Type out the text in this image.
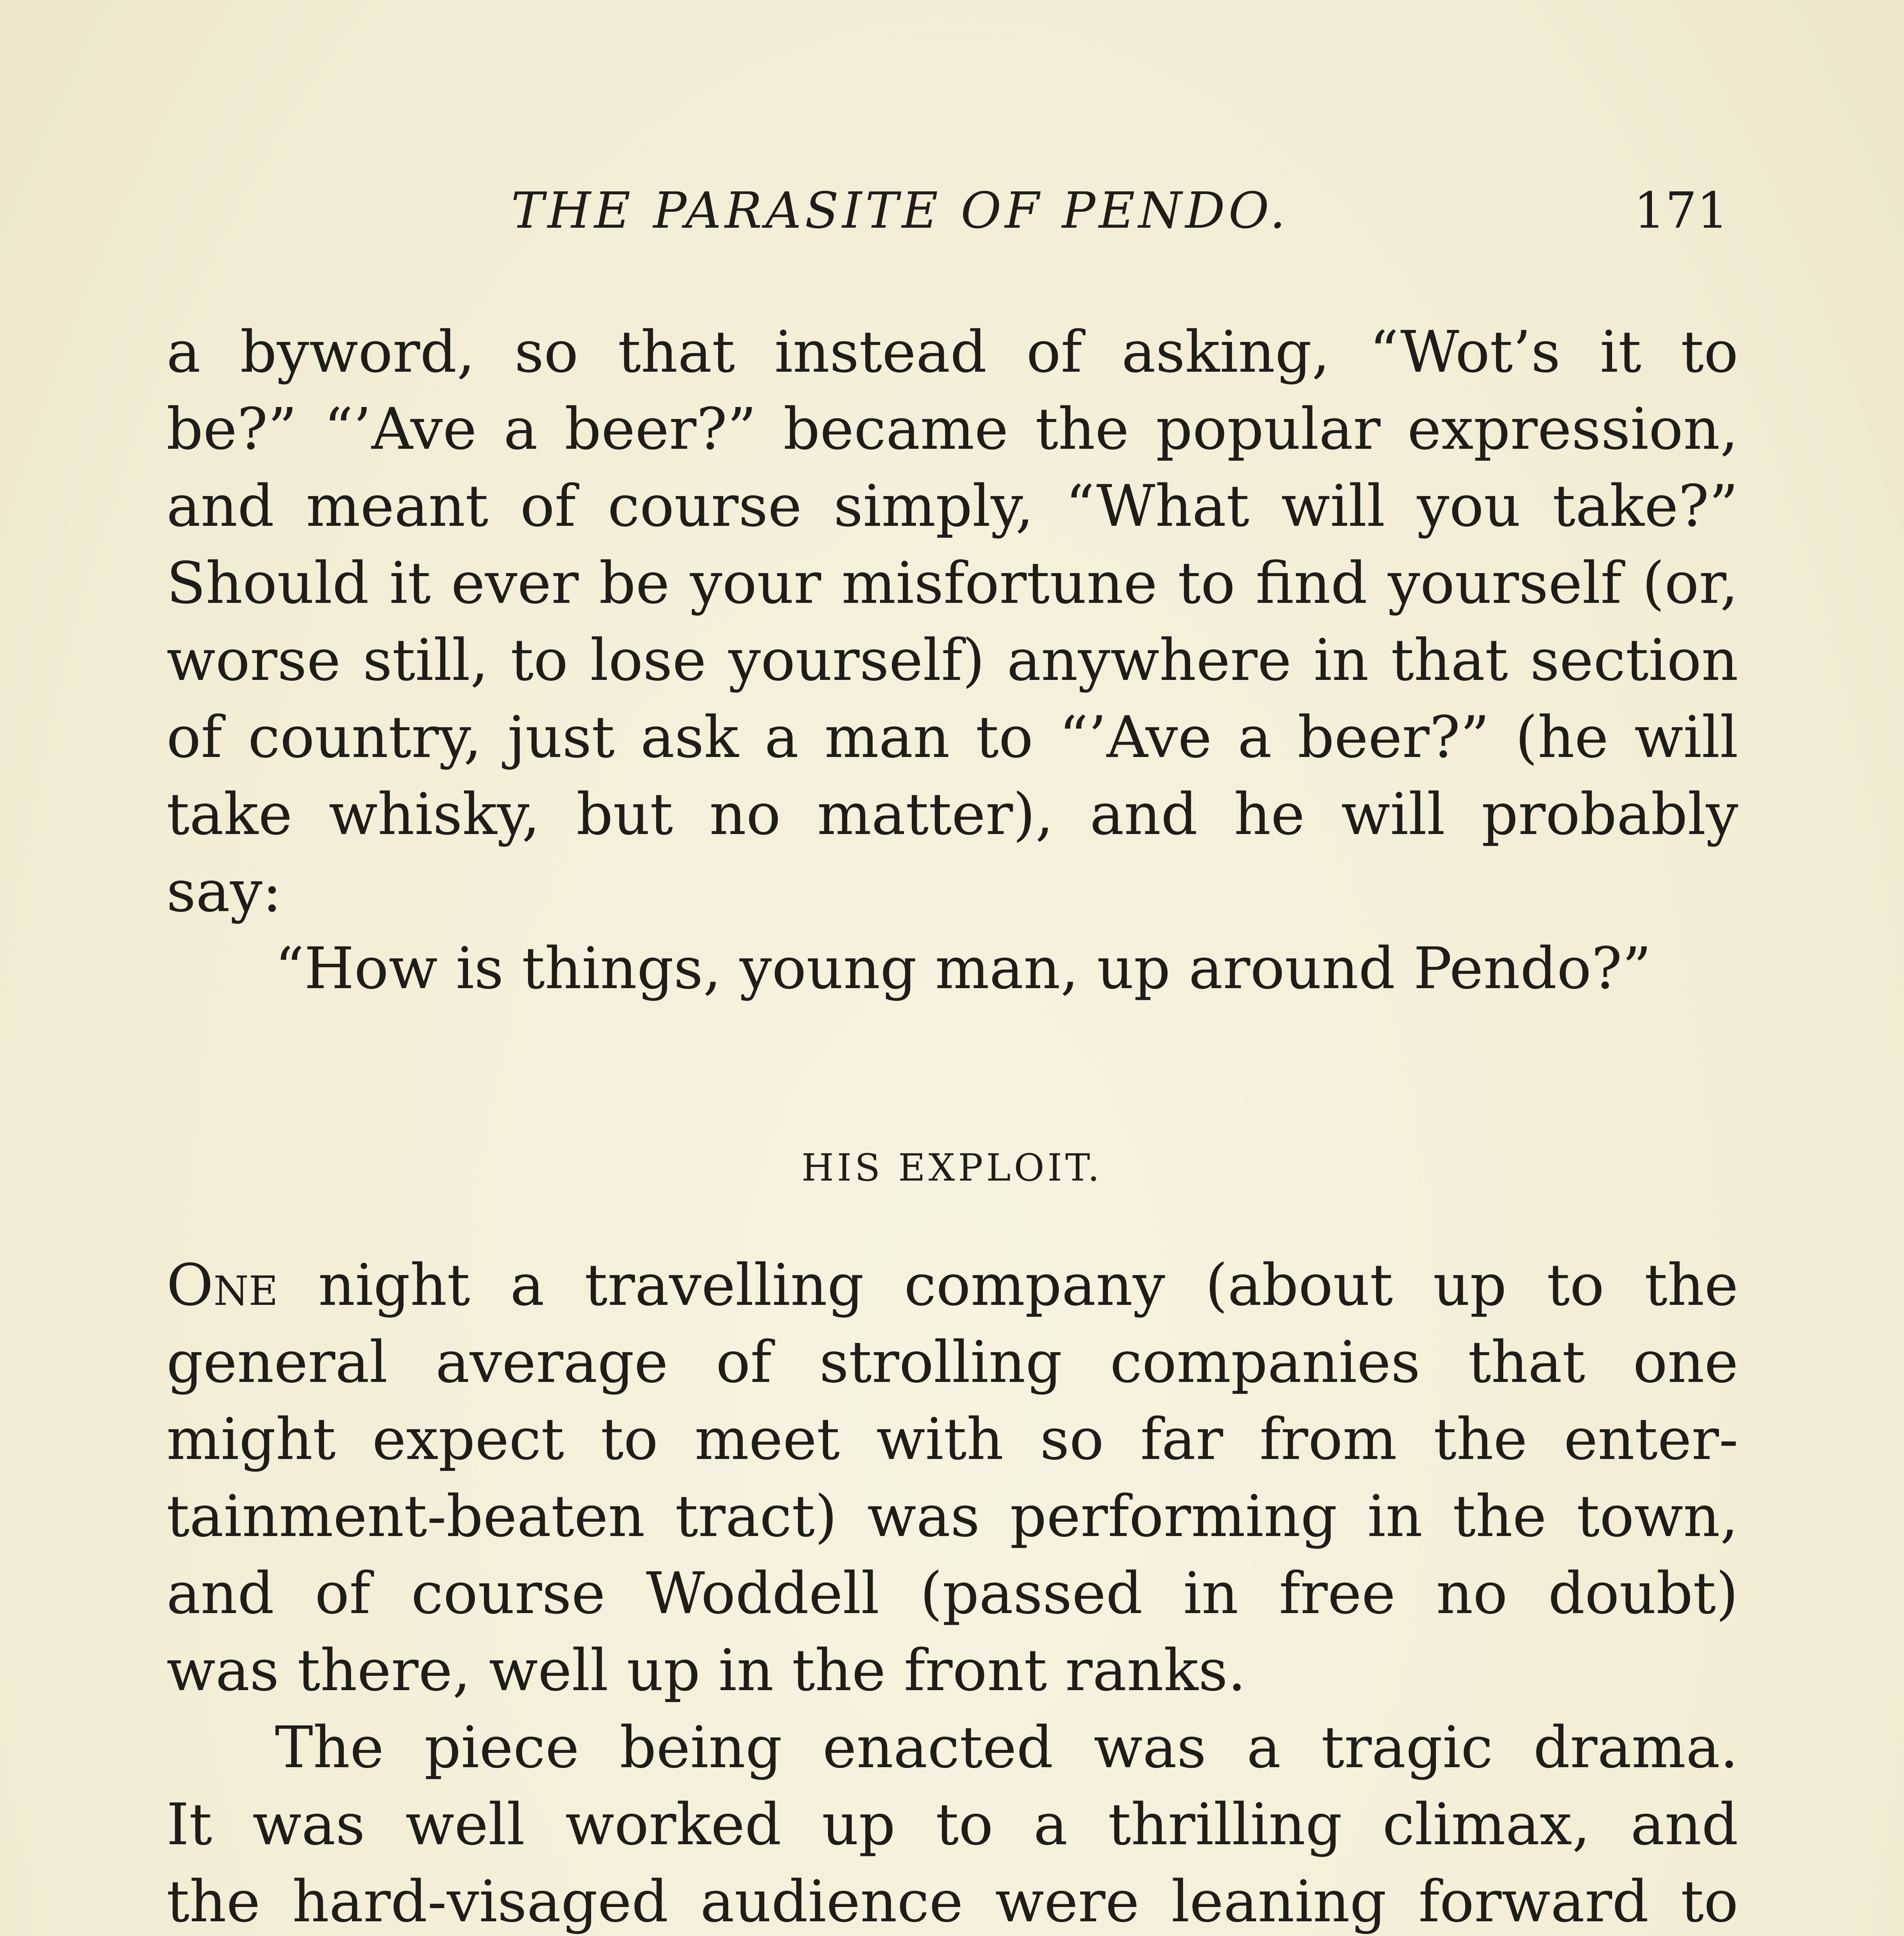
THE PARASITE OF PENDO.	171
a byword, so that instead of asking, “Wot’s it to
be?” “’Ave a beer?” became the popular expression,
and meant of course simply, “What will you take?”
Should it ever be your misfortune to find yourself (or,
worse still, to lose yourself) anywhere in that section
of country, just ask a man to “’Ave a beer?” (he will
take whisky, but no matter), and he will probably
say:
“How is things, young man, up around Pendo?”
HIS EXPLOIT.
One night a travelling company (about up to the
general average of strolling companies that one
might expect to meet with so far from the enter-
tainment-beaten tract) was performing in the town,
and of course Woddell (passed in free no doubt)
was there, well up in the front ranks.
The piece being enacted was a tragic drama.
It was well worked up to a thrilling climax, and
the hard-visaged audience were leaning forward to
